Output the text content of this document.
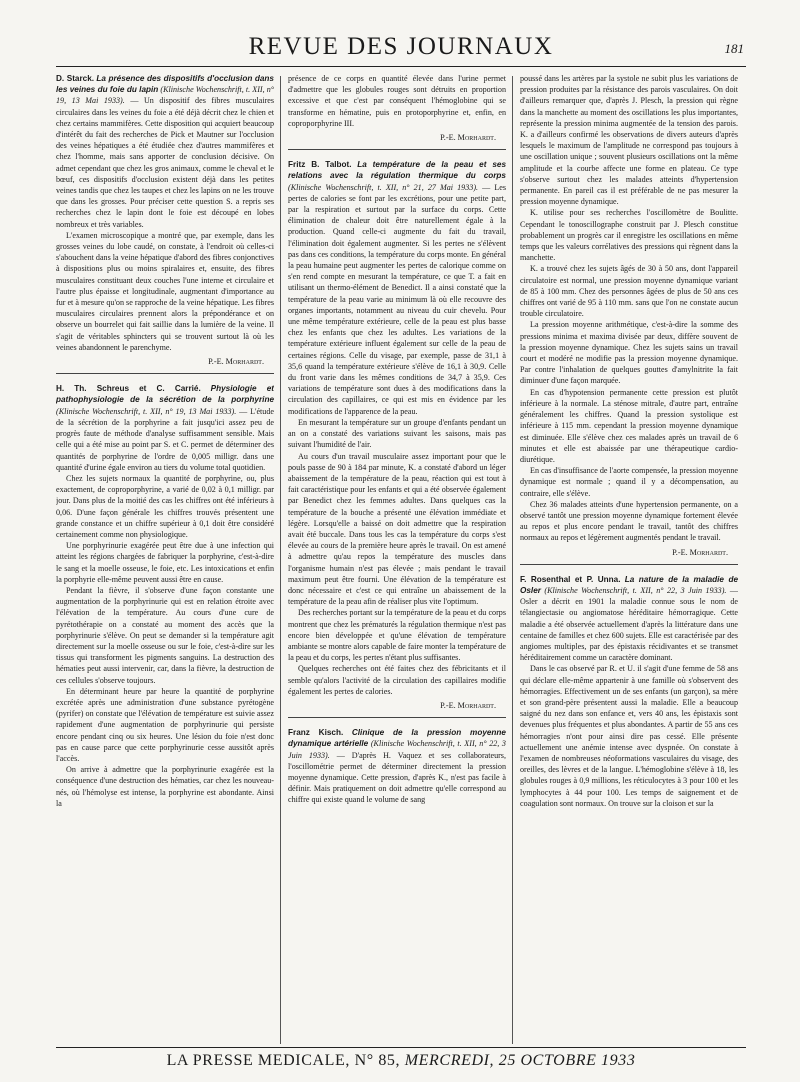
REVUE DES JOURNAUX	181

D. Starck. La présence des dispositifs d'occlusion dans les veines du foie du lapin (Klinische Wochenschrift, t. XII, n° 19, 13 Mai 1933). — Un dispositif des fibres musculaires circulaires dans les veines du foie a été déjà décrit chez le chien et chez certains mammifères. Cette disposition qui acquiert beaucoup d'intérêt du fait des recherches de Pick et Mautner sur l'occlusion des veines hépatiques a été étudiée chez d'autres mammifères et chez l'homme, mais sans apporter de conclusion décisive. On admet cependant que chez les gros animaux, comme le cheval et le bœuf, ces dispositifs d'occlusion existent déjà dans les petites veines tandis que chez les taupes et chez les lapins on ne les trouve que dans les grosses. Pour préciser cette question S. a repris ses recherches chez le lapin dont le foie est découpé en lobes nombreux et très variables.

L'examen microscopique a montré que, par exemple, dans les grosses veines du lobe caudé, on constate, à l'endroit où celles-ci s'abouchent dans la veine hépatique d'abord des fibres conjonctives à dispositions plus ou moins spiralaires et, ensuite, des fibres musculaires constituant deux couches l'une interne et circulaire et l'autre plus épaisse et longitudinale, augmentant d'importance au fur et à mesure qu'on se rapproche de la veine hépatique. Les fibres musculaires circulaires prennent alors la prépondérance et on observe un bourrelet qui fait saillie dans la lumière de la veine. Il s'agit de véritables sphincters qui se trouvent surtout là où les veines abandonnent le parenchyme.

P.-E. Morhardt.

H. Th. Schreus et C. Carrié. Physiologie et pathophysiologie de la sécrétion de la porphyrine (Klinische Wochenschrift, t. XII, n° 19, 13 Mai 1933). — L'étude de la sécrétion de la porphyrine a fait jusqu'ici assez peu de progrès faute de méthode d'analyse suffisamment sensible. Mais celle qui a été mise au point par S. et C. permet de déterminer des quantités de porphyrine de l'ordre de 0,005 milligr. dans une quantité d'urine égale environ au tiers du volume total quotidien.

Chez les sujets normaux la quantité de porphyrine, ou, plus exactement, de coproporphyrine, a varié de 0,02 à 0,1 milligr. par jour. Dans plus de la moitié des cas les chiffres ont été inférieurs à 0,06. D'une façon générale les chiffres trouvés présentent une grande constance et un chiffre supérieur à 0,1 doit être considéré certainement comme non physiologique.

Une porphyrinurie exagérée peut être due à une infection qui atteint les régions chargées de fabriquer la porphyrine, c'est-à-dire le sang et la moelle osseuse, le foie, etc. Les intoxications et enfin la porphyrie elle-même peuvent aussi être en cause.

Pendant la fièvre, il s'observe d'une façon constante une augmentation de la porphyrinurie qui est en relation étroite avec l'élévation de la température. Au cours d'une cure de pyrétothérapie on a constaté au moment des accès que la porphyrinurie s'élève. On peut se demander si la température agit directement sur la moelle osseuse ou sur le foie, c'est-à-dire sur les tissus qui transforment les pigments sanguins. La destruction des hématies peut aussi intervenir, car, dans la fièvre, la destruction de ces cellules s'observe toujours.

En déterminant heure par heure la quantité de porphyrine excrétée après une administration d'une substance pyrétogène (pyrifer) on constate que l'élévation de température est suivie assez rapidement d'une augmentation de porphyrinurie qui persiste encore pendant cinq ou six heures. Une lésion du foie n'est donc pas en cause parce que cette porphyrinurie cesse aussitôt après l'accès.

On arrive à admettre que la porphyrinurie exagérée est la conséquence d'une destruction des hématies, car chez les nouveau-nés, où l'hémolyse est intense, la porphyrine est abondante. Ainsi la

présence de ce corps en quantité élevée dans l'urine permet d'admettre que les globules rouges sont détruits en proportion excessive et que c'est par conséquent l'hémoglobine qui se transforme en hématine, puis en protoporphyrine et, enfin, en coproporphyrine III.

P.-E. Morhardt.

Fritz B. Talbot. La température de la peau et ses relations avec la régulation thermique du corps (Klinische Wochenschrift, t. XII, n° 21, 27 Mai 1933). — Les pertes de calories se font par les excrétions, pour une petite part, par la respiration et surtout par la surface du corps. Cette élimination de chaleur doit être naturellement égale à la production. Quand celle-ci augmente du fait du travail, l'élimination doit également augmenter. Si les pertes ne s'élèvent pas dans ces conditions, la température du corps monte. En général la peau humaine peut augmenter les pertes de calorique comme on s'en rend compte en mesurant la température, ce que T. a fait en utilisant un thermo-élément de Benedict. Il a ainsi constaté que la température de la peau varie au minimum là où elle recouvre des organes importants, notamment au niveau du cuir chevelu. Pour une même température extérieure, celle de la peau est plus basse chez les enfants que chez les adultes. Les variations de la température extérieure influent également sur celle de la peau de certaines régions. Celle du visage, par exemple, passe de 31,1 à 35,6 quand la température extérieure s'élève de 16,1 à 30,9. Celle du front varie dans les mêmes conditions de 34,7 à 35,9. Ces variations de température sont dues à des modifications dans la circulation des capillaires, ce qui est mis en évidence par les modifications de l'apparence de la peau.

En mesurant la température sur un groupe d'enfants pendant un an on a constaté des variations suivant les saisons, mais pas suivant l'humidité de l'air.

Au cours d'un travail musculaire assez important pour que le pouls passe de 90 à 184 par minute, K. a constaté d'abord un léger abaissement de la température de la peau, réaction qui est tout à fait caractéristique pour les enfants et qui a été observée également par Benedict chez les femmes adultes. Dans quelques cas la température de la bouche a présenté une élévation immédiate et légère. Lorsqu'elle a baissé on doit admettre que la respiration avait été buccale. Dans tous les cas la température du corps s'est élevée au cours de la première heure après le travail. On est amené à admettre qu'au repos la température des muscles dans l'organisme humain n'est pas élevée ; mais pendant le travail maximum peut être fourni. Une élévation de la température est donc nécessaire et c'est ce qui entraîne un abaissement de la température de la peau afin de réaliser plus vite l'optimum.

Des recherches portant sur la température de la peau et du corps montrent que chez les prématurés la régulation thermique n'est pas encore bien développée et qu'une élévation de température ambiante se montre alors capable de faire monter la température de la peau et du corps, les pertes n'étant plus suffisantes.

Quelques recherches ont été faites chez des fébricitants et il semble qu'alors l'activité de la circulation des capillaires modifie également les pertes de calories.

P.-E. Morhardt.

Franz Kisch. Clinique de la pression moyenne dynamique artérielle (Klinische Wochenschrift, t. XII, n° 22, 3 Juin 1933). — D'après H. Vaquez et ses collaborateurs, l'oscillométrie permet de déterminer directement la pression moyenne dynamique. Cette pression, d'après K., n'est pas facile à définir. Mais pratiquement on doit admettre qu'elle correspond au chiffre qui existe quand le volume de sang

poussé dans les artères par la systole ne subit plus les variations de pression produites par la résistance des parois vasculaires. On doit d'ailleurs remarquer que, d'après J. Plesch, la pression qui règne dans la manchette au moment des oscillations les plus importantes, représente la pression minima augmentée de la tension des parois. K. a d'ailleurs confirmé les observations de divers auteurs d'après lesquels le maximum de l'amplitude ne correspond pas toujours à une oscillation unique ; souvent plusieurs oscillations ont la même amplitude et la courbe affecte une forme en plateau. Ce type s'observe surtout chez les malades atteints d'hypertension permanente. En pareil cas il est préférable de ne pas mesurer la pression moyenne dynamique.

K. utilise pour ses recherches l'oscillomètre de Boulitte. Cependant le tonoscillographe construit par J. Plesch constitue probablement un progrès car il enregistre les oscillations en même temps que les valeurs corrélatives des pressions qui règnent dans la manchette.

K. a trouvé chez les sujets âgés de 30 à 50 ans, dont l'appareil circulatoire est normal, une pression moyenne dynamique variant de 85 à 100 mm. Chez des personnes âgées de plus de 50 ans ces chiffres ont varié de 95 à 110 mm. sans que l'on ne constate aucun trouble circulatoire.

La pression moyenne arithmétique, c'est-à-dire la somme des pressions minima et maxima divisée par deux, diffère souvent de la pression moyenne dynamique. Chez les sujets sains un travail court et modéré ne modifie pas la pression moyenne dynamique. Par contre l'inhalation de quelques gouttes d'amylnitrite la fait diminuer d'une façon marquée.

En cas d'hypotension permanente cette pression est plutôt inférieure à la normale. La sténose mitrale, d'autre part, entraîne généralement les chiffres. Quand la pression systolique est inférieure à 115 mm. cependant la pression moyenne dynamique est diminuée. Elle s'élève chez ces malades après un travail de 6 minutes et elle est abaissée par une thérapeutique cardio-diurétique.

En cas d'insuffisance de l'aorte compensée, la pression moyenne dynamique est normale ; quand il y a décompensation, au contraire, elle s'élève.

Chez 36 malades atteints d'une hypertension permanente, on a observé tantôt une pression moyenne dynamique fortement élevée au repos et plus encore pendant le travail, tantôt des chiffres normaux au repos et légèrement augmentés pendant le travail.

P.-E. Morhardt.

F. Rosenthal et P. Unna. La nature de la maladie de Osler (Klinische Wochenschrift, t. XII, n° 22, 3 Juin 1933). — Osler a décrit en 1901 la maladie connue sous le nom de télangiectasie ou angiomatose héréditaire hémorragique. Cette maladie a été observée actuellement d'après la littérature dans une centaine de familles et chez 600 sujets. Elle est caractérisée par des angiomes multiples, par des épistaxis récidivantes et se transmet héréditairement comme un caractère dominant.

Dans le cas observé par R. et U. il s'agit d'une femme de 58 ans qui déclare elle-même appartenir à une famille où s'observent des hémorragies. Effectivement un de ses enfants (un garçon), sa mère et son grand-père présentent aussi la maladie. Elle a beaucoup saigné du nez dans son enfance et, vers 40 ans, les épistaxis sont devenues plus fréquentes et plus abondantes. A partir de 55 ans ces hémorragies n'ont pour ainsi dire pas cessé. Elle présente actuellement une anémie intense avec dyspnée. On constate à l'examen de nombreuses néoformations vasculaires du visage, des oreilles, des lèvres et de la langue. L'hémoglobine s'élève à 18, les globules rouges à 0,9 millions, les réticulocytes à 3 pour 100 et les lymphocytes à 44 pour 100. Les temps de saignement et de coagulation sont normaux. On trouve sur la cloison et sur la

LA PRESSE MEDICALE, N° 85, MERCREDI, 25 OCTOBRE 1933
